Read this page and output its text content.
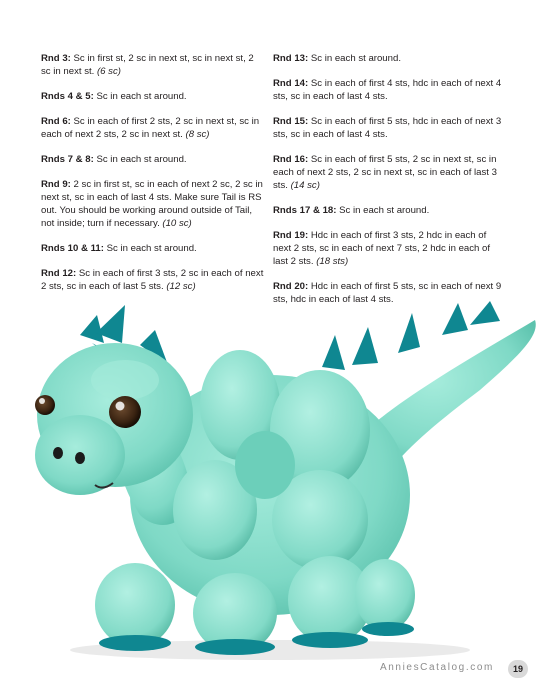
Rnd 3: Sc in first st, 2 sc in next st, sc in next st, 2 sc in next st. (6 sc)

Rnds 4 & 5: Sc in each st around.

Rnd 6: Sc in each of first 2 sts, 2 sc in next st, sc in each of next 2 sts, 2 sc in next st. (8 sc)

Rnds 7 & 8: Sc in each st around.

Rnd 9: 2 sc in first st, sc in each of next 2 sc, 2 sc in next st, sc in each of last 4 sts. Make sure Tail is RS out. You should be working around outside of Tail, not inside; turn if necessary. (10 sc)

Rnds 10 & 11: Sc in each st around.

Rnd 12: Sc in each of first 3 sts, 2 sc in each of next 2 sts, sc in each of last 5 sts. (12 sc)

Rnd 13: Sc in each st around.

Rnd 14: Sc in each of first 4 sts, hdc in each of next 4 sts, sc in each of last 4 sts.

Rnd 15: Sc in each of first 5 sts, hdc in each of next 3 sts, sc in each of last 4 sts.

Rnd 16: Sc in each of first 5 sts, 2 sc in next st, sc in each of next 2 sts, 2 sc in next st, sc in each of last 3 sts. (14 sc)

Rnds 17 & 18: Sc in each st around.

Rnd 19: Hdc in each of first 3 sts, 2 hdc in each of next 2 sts, sc in each of next 7 sts, 2 hdc in each of last 2 sts. (18 sts)

Rnd 20: Hdc in each of first 5 sts, sc in each of next 9 sts, hdc in each of last 4 sts.

AnniesCatalog.com	19
